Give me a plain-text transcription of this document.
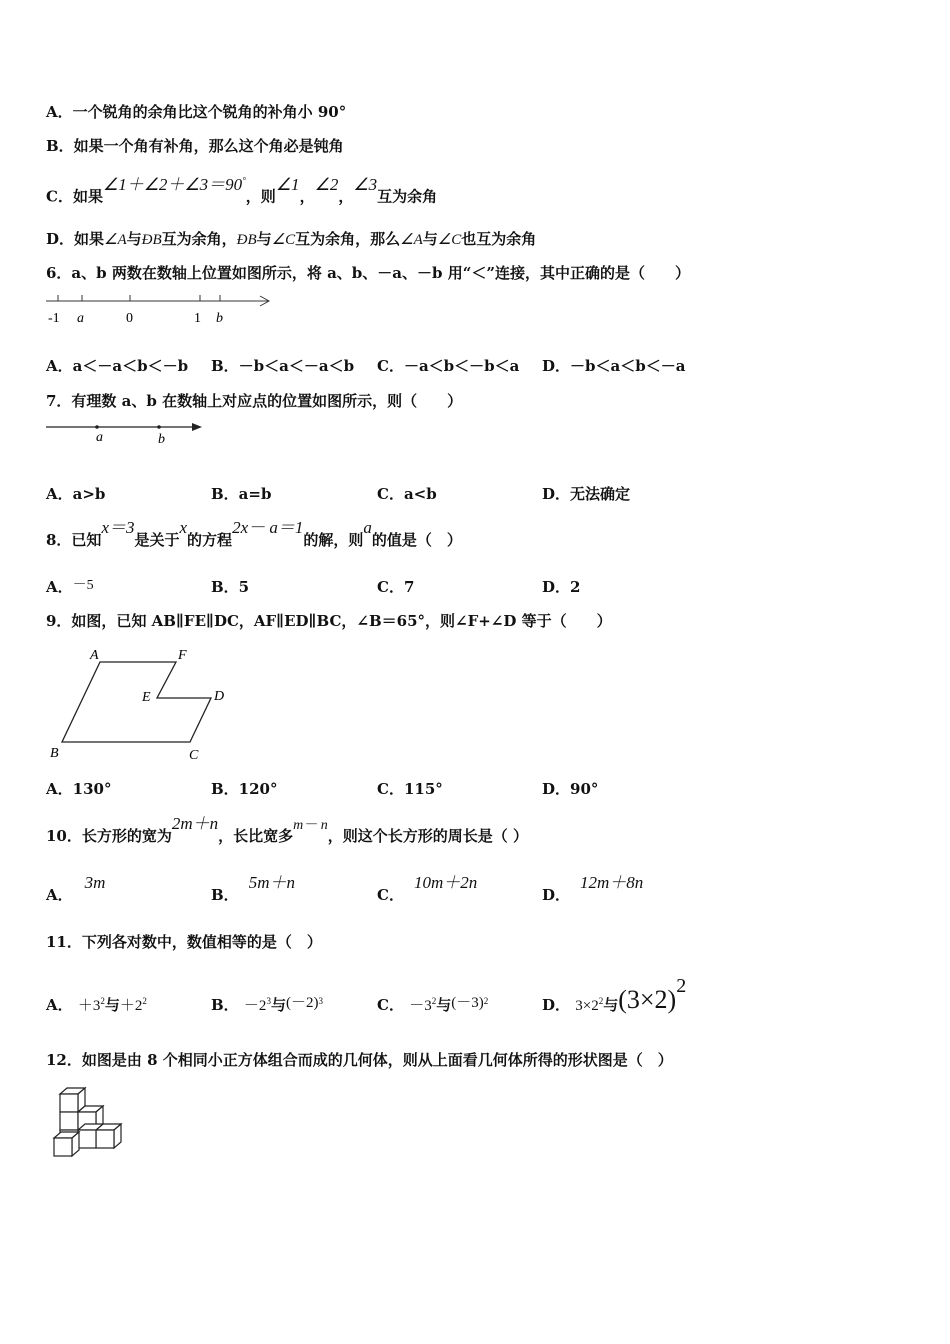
A．一个锐角的余角比这个锐角的补角小 90°
B．如果一个角有补角，那么这个角必是钝角
C．如果∠1＋∠2＋∠3＝90°，则∠1，∠2，∠3互为余角
D．如果∠A与ÐB互为余角，ÐB与∠C互为余角，那么∠A与∠C也互为余角
6．a、b 两数在数轴上位置如图所示，将 a、b、－a、－b 用“＜”连接，其中正确的是（　　）
-1 a	0	1 b
A．a＜－a＜b＜－b B．－b＜a＜－a＜b C．－a＜b＜－b＜a D．－b＜a＜b＜－a
7．有理数 a、b 在数轴上对应点的位置如图所示，则（　　）
a	b
A．a>b	B．a=b	C．a<b	D．无法确定
8．已知x＝3是关于x的方程2x－ a＝1的解，则a的值是（　）
A．－5	B．5	C．7	D．2
9．如图，已知 AB∥FE∥DC，AF∥ED∥BC，∠B＝65°，则∠F+∠D 等于（　　）
A	F
E	D
B	C
A．130°	B．120°	C．115°	D．90°
10．长方形的宽为2m＋n，长比宽多m－ n，则这个长方形的周长是（ ）
A．3m
B．5m＋n
C．10m＋2n
D．12m＋8n
11．下列各对数中，数值相等的是（　）
A． $+3^2$与$+2^2$	B． $-2^3$与$(-2)^3$	C． $-3^2$与$(-3)^2$	D． $3\times 2^2$与(3×2)2
12．如图是由 8 个相同小正方体组合而成的几何体，则从上面看几何体所得的形状图是（　）
